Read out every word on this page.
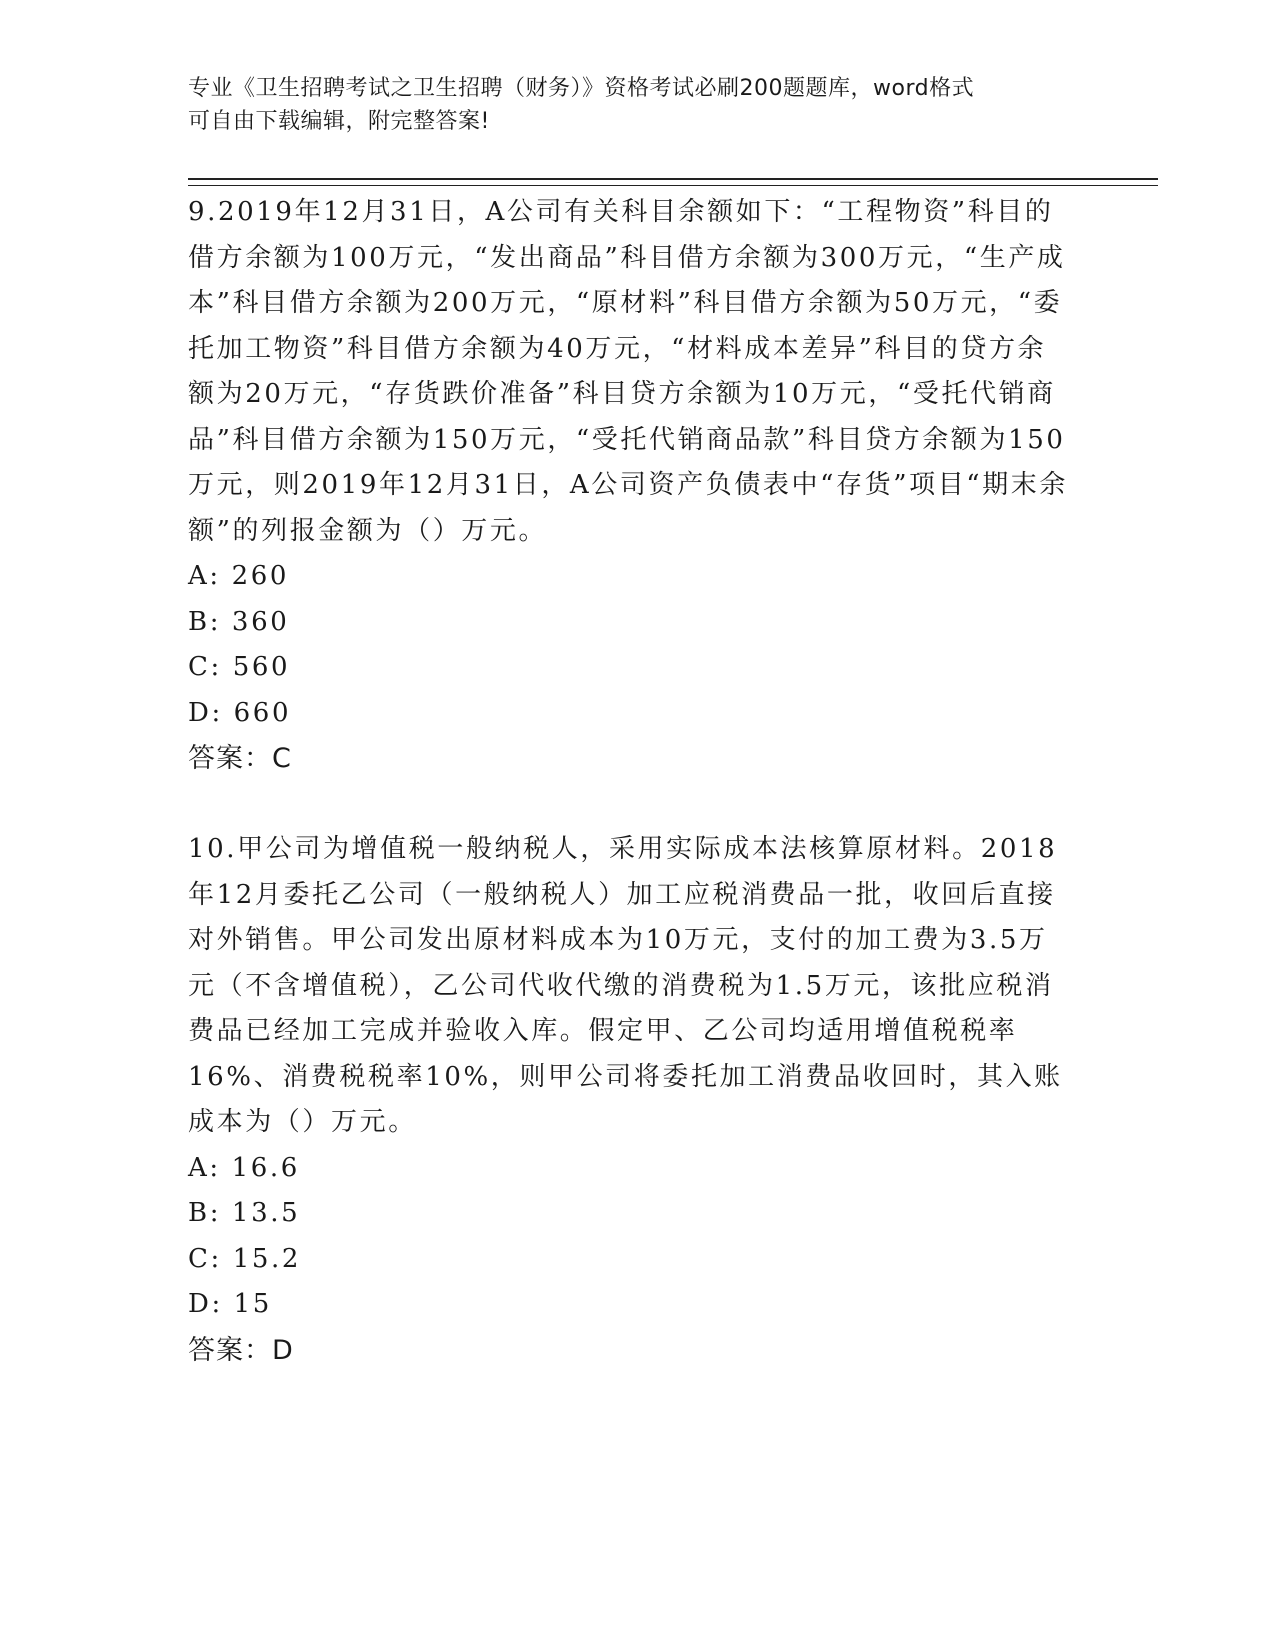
专业《卫生招聘考试之卫生招聘（财务）》资格考试必刷200题题库，word格式
可自由下载编辑，附完整答案!

9.2019年12月31日，A公司有关科目余额如下：“工程物资”科目的借方余额为100万元，“发出商品”科目借方余额为300万元，“生产成本”科目借方余额为200万元，“原材料”科目借方余额为50万元，“委托加工物资”科目借方余额为40万元，“材料成本差异”科目的贷方余额为20万元，“存货跌价准备”科目贷方余额为10万元，“受托代销商品”科目借方余额为150万元，“受托代销商品款”科目贷方余额为150万元，则2019年12月31日，A公司资产负债表中“存货”项目“期末余额”的列报金额为（）万元。

A: 260

B: 360

C: 560

D: 660

答案：C

10.甲公司为增值税一般纳税人，采用实际成本法核算原材料。2018年12月委托乙公司（一般纳税人）加工应税消费品一批，收回后直接对外销售。甲公司发出原材料成本为10万元，支付的加工费为3.5万元（不含增值税），乙公司代收代缴的消费税为1.5万元，该批应税消费品已经加工完成并验收入库。假定甲、乙公司均适用增值税税率16%、消费税税率10%，则甲公司将委托加工消费品收回时，其入账成本为（）万元。

A: 16.6

B: 13.5

C: 15.2

D: 15

答案：D
